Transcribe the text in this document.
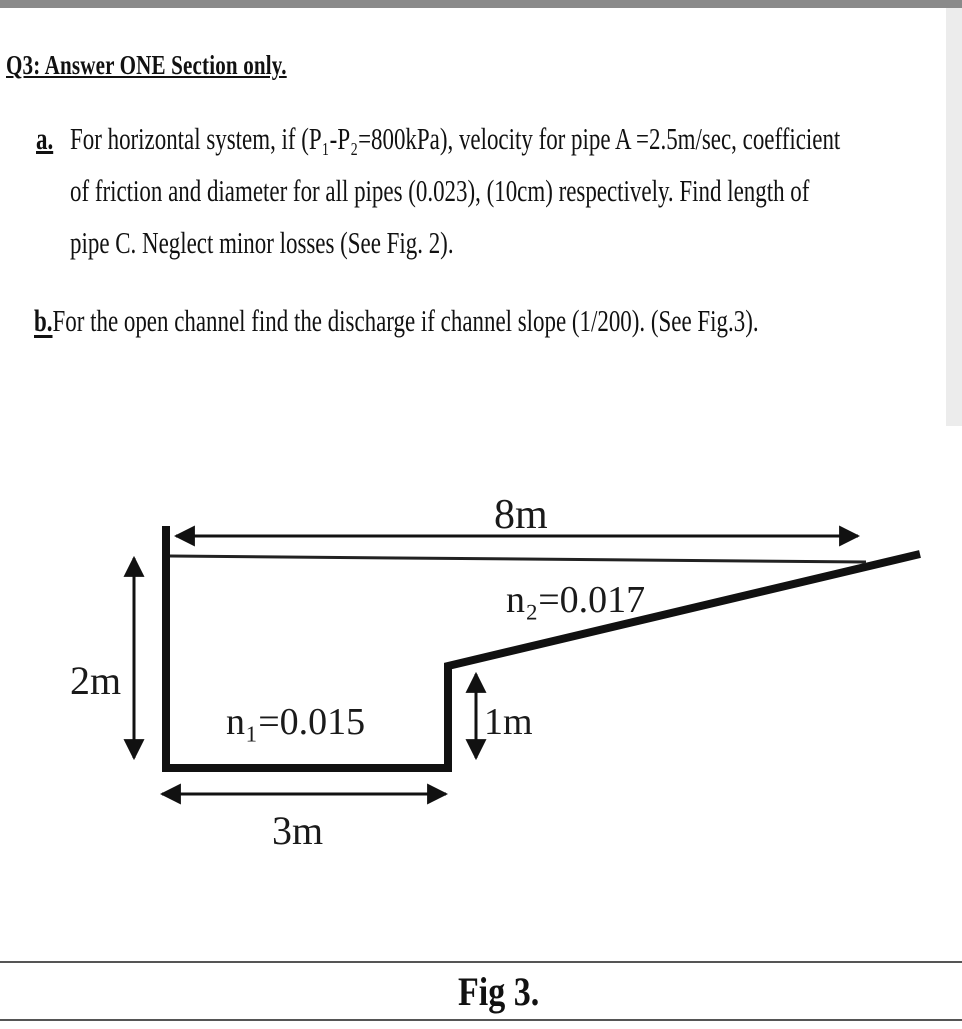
Q3: Answer ONE Section only.
a. For horizontal system, if (P₁-P₂=800kPa), velocity for pipe A =2.5m/sec, coefficient
of friction and diameter for all pipes (0.023), (10cm) respectively. Find length of
pipe C. Neglect minor losses (See Fig. 2).
b.For the open channel find the discharge if channel slope (1/200). (See Fig.3).
8m
n₂=0.017
2m
n₁=0.015	1m
3m
Fig 3.
